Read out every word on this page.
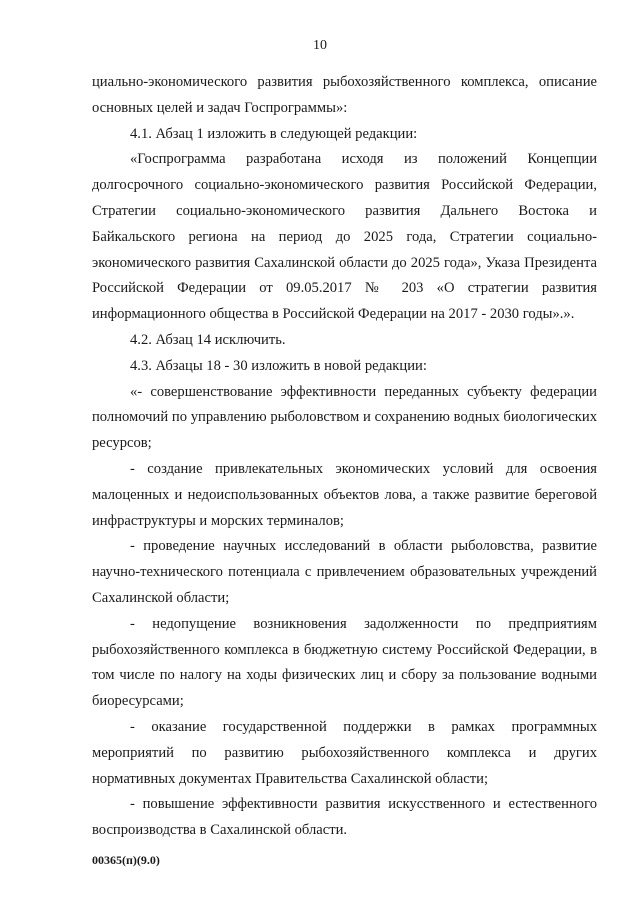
10

циально-экономического развития рыбохозяйственного комплекса, описание основных целей и задач Госпрограммы»:

4.1. Абзац 1 изложить в следующей редакции:

«Госпрограмма разработана исходя из положений Концепции долгосрочного социально-экономического развития Российской Федерации, Стратегии социально-экономического развития Дальнего Востока и Байкальского региона на период до 2025 года, Стратегии социально-экономического развития Сахалинской области до 2025 года», Указа Президента Российской Федерации от 09.05.2017 № 203 «О стратегии развития информационного общества в Российской Федерации на 2017 - 2030 годы».».

4.2. Абзац 14 исключить.

4.3. Абзацы 18 - 30 изложить в новой редакции:

«- совершенствование эффективности переданных субъекту федерации полномочий по управлению рыболовством и сохранению водных биологических ресурсов;

- создание привлекательных экономических условий для освоения малоценных и недоиспользованных объектов лова, а также развитие береговой инфраструктуры и морских терминалов;

- проведение научных исследований в области рыболовства, развитие научно-технического потенциала с привлечением образовательных учреждений Сахалинской области;

- недопущение возникновения задолженности по предприятиям рыбохозяйственного комплекса в бюджетную систему Российской Федерации, в том числе по налогу на ходы физических лиц и сбору за пользование водными биоресурсами;

- оказание государственной поддержки в рамках программных мероприятий по развитию рыбохозяйственного комплекса и других нормативных документах Правительства Сахалинской области;

- повышение эффективности развития искусственного и естественного воспроизводства в Сахалинской области.

00365(п)(9.0)
